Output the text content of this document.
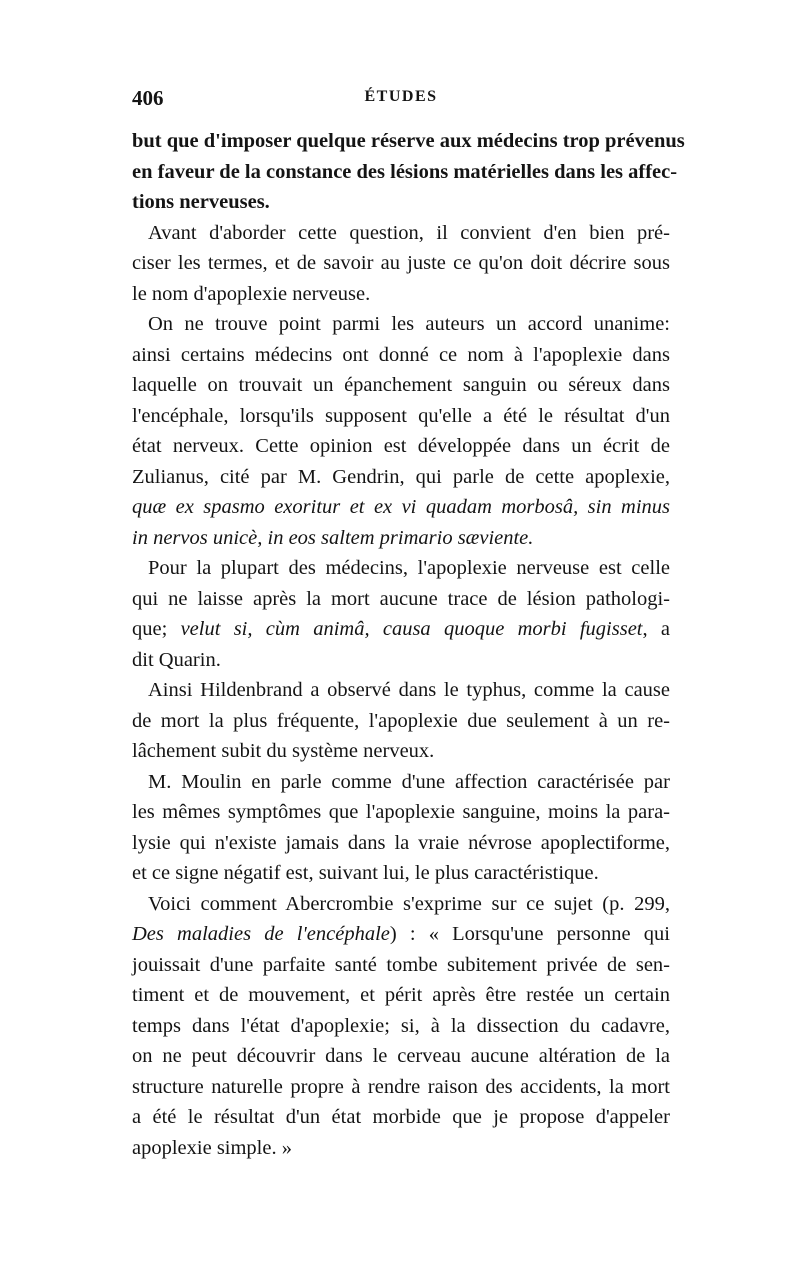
406	ÉTUDES
but que d'imposer quelque réserve aux médecins trop prévenus
en faveur de la constance des lésions matérielles dans les affec-
tions nerveuses.
Avant d'aborder cette question, il convient d'en bien pré-
ciser les termes, et de savoir au juste ce qu'on doit décrire sous
le nom d'apoplexie nerveuse.
On ne trouve point parmi les auteurs un accord unanime:
ainsi certains médecins ont donné ce nom à l'apoplexie dans
laquelle on trouvait un épanchement sanguin ou séreux dans
l'encéphale, lorsqu'ils supposent qu'elle a été le résultat d'un
état nerveux. Cette opinion est développée dans un écrit de
Zulianus, cité par M. Gendrin, qui parle de cette apoplexie,
quæ ex spasmo exoritur et ex vi quadam morbosâ, sin minus
in nervos unicè, in eos saltem primario sæviente.
Pour la plupart des médecins, l'apoplexie nerveuse est celle
qui ne laisse après la mort aucune trace de lésion pathologi-
que; velut si, cùm animâ, causa quoque morbi fugisset, a
dit Quarin.
Ainsi Hildenbrand a observé dans le typhus, comme la cause
de mort la plus fréquente, l'apoplexie due seulement à un re-
lâchement subit du système nerveux.
M. Moulin en parle comme d'une affection caractérisée par
les mêmes symptômes que l'apoplexie sanguine, moins la para-
lysie qui n'existe jamais dans la vraie névrose apoplectiforme,
et ce signe négatif est, suivant lui, le plus caractéristique.
Voici comment Abercrombie s'exprime sur ce sujet (p. 299,
Des maladies de l'encéphale) : « Lorsqu'une personne qui
jouissait d'une parfaite santé tombe subitement privée de sen-
timent et de mouvement, et périt après être restée un certain
temps dans l'état d'apoplexie; si, à la dissection du cadavre,
on ne peut découvrir dans le cerveau aucune altération de la
structure naturelle propre à rendre raison des accidents, la mort
a été le résultat d'un état morbide que je propose d'appeler
apoplexie simple. »
